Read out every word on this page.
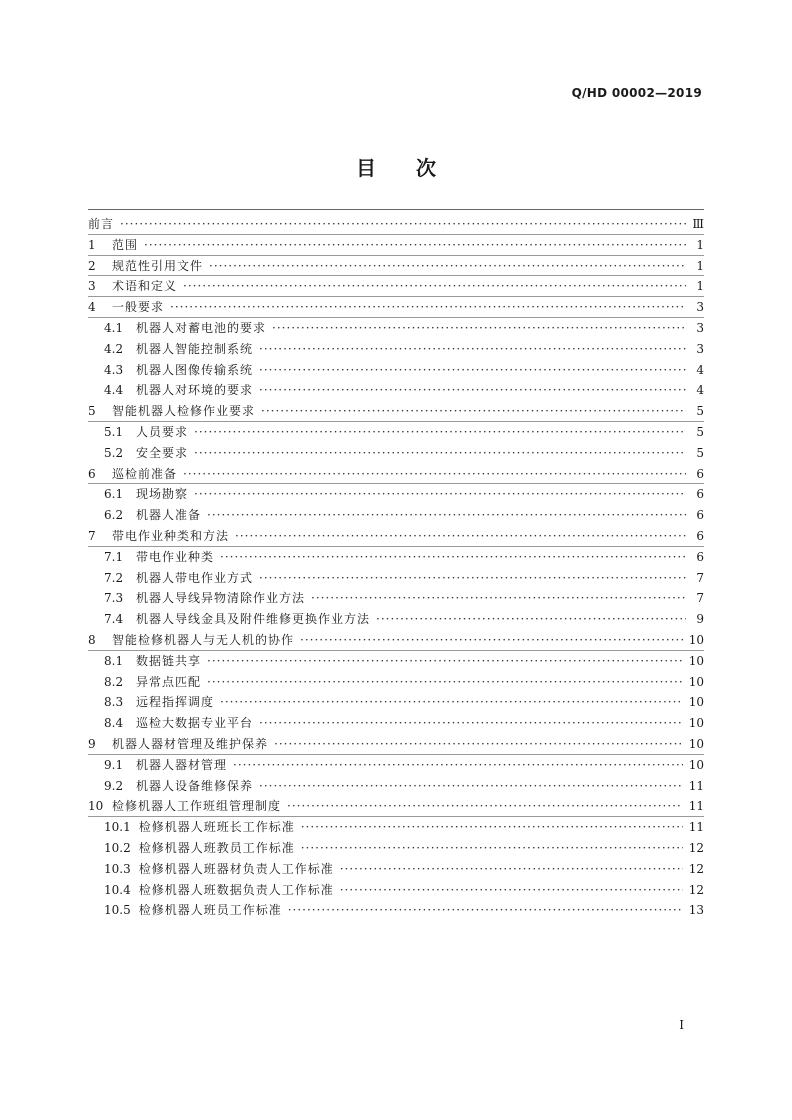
Q/HD 00002—2019
目　　次
前言 ·····	Ⅲ
1	范围 ·····	1
2	规范性引用文件 ·····	1
3	术语和定义 ·····	1
4	一般要求 ·····	3
4.1	机器人对蓄电池的要求 ·····	3
4.2	机器人智能控制系统 ·····	3
4.3	机器人图像传输系统 ·····	4
4.4	机器人对环境的要求 ·····	4
5	智能机器人检修作业要求 ·····	5
5.1	人员要求 ·····	5
5.2	安全要求 ·····	5
6	巡检前准备 ·····	6
6.1	现场勘察 ·····	6
6.2	机器人准备 ·····	6
7	带电作业种类和方法 ·····	6
7.1	带电作业种类 ·····	6
7.2	机器人带电作业方式 ·····	7
7.3	机器人导线异物清除作业方法 ·····	7
7.4	机器人导线金具及附件维修更换作业方法 ·····	9
8	智能检修机器人与无人机的协作 ·····	10
8.1	数据链共享 ·····	10
8.2	异常点匹配 ·····	10
8.3	远程指挥调度 ·····	10
8.4	巡检大数据专业平台 ·····	10
9	机器人器材管理及维护保养 ·····	10
9.1	机器人器材管理 ·····	10
9.2	机器人设备维修保养 ·····	11
10 检修机器人工作班组管理制度 ·····	11
10.1 检修机器人班班长工作标准 ·····	11
10.2 检修机器人班教员工作标准 ·····	12
10.3 检修机器人班器材负责人工作标准 ·····	12
10.4 检修机器人班数据负责人工作标准 ·····	12
10.5 检修机器人班员工作标准 ·····	13
I
